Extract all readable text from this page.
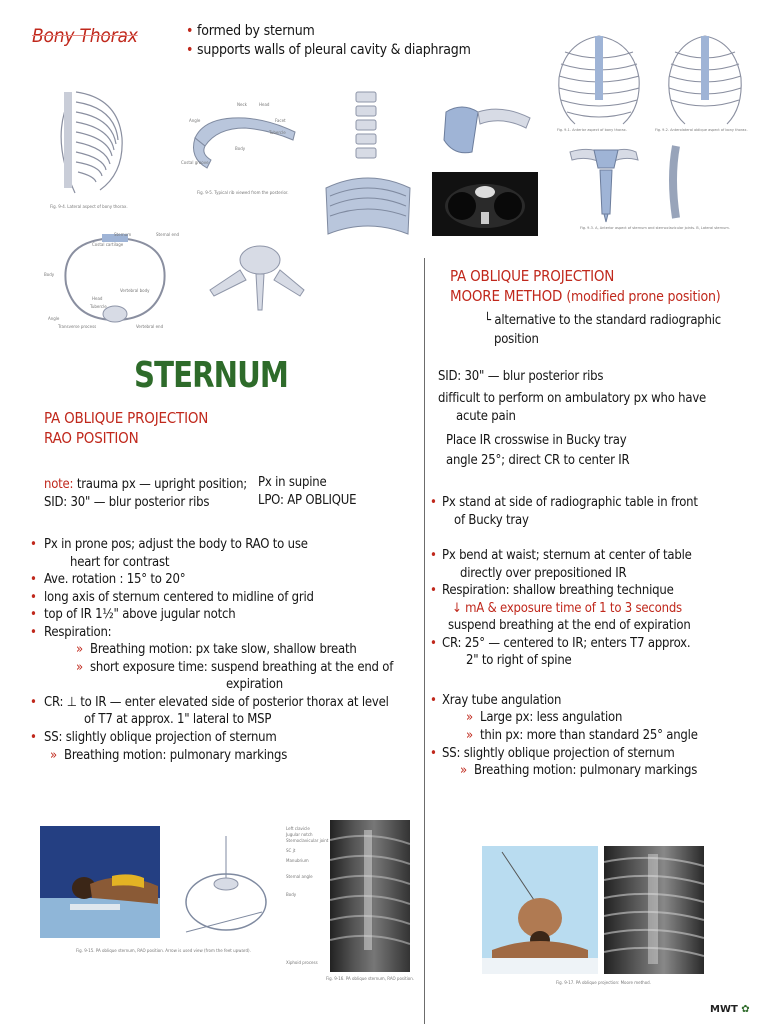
Bony Thorax	• formed by sternum
• supports walls of pleural cavity & diaphragm
Fig. 9-4. Lateral aspect of bony thorax.
Neck	Head
Angle	Facet
Tubercle
Body
Costal groove
Fig. 9-5. Typical rib viewed from the posterior.
Fig. 9-1. Anterior aspect of bony thorax.	Fig. 9-2. Anterolateral oblique aspect of bony thorax.
Fig. 9-3. A, Anterior aspect of sternum and sternoclavicular joints. B, Lateral sternum.
Sternum
Costal cartilage
Body
Vertebral body
Head
Tubercle
Angle
Transverse process
Sternal end
Vertebral end
STERNUM
PA OBLIQUE PROJECTION
RAO POSITION
note: trauma px — upright position; Px in supine
LPO: AP OBLIQUE
SID: 30" — blur posterior ribs
• Px in prone pos; adjust the body to RAO to use
heart for contrast
• Ave. rotation : 15° to 20°
• long axis of sternum centered to midline of grid
• top of IR 1½" above jugular notch
• Respiration:
» Breathing motion: px take slow, shallow breath
» short exposure time: suspend breathing at the end of
expiration
• CR: ⊥ to IR — enter elevated side of posterior thorax at level
of T7 at approx. 1" lateral to MSP
• SS: slightly oblique projection of sternum
» Breathing motion: pulmonary markings
Fig. 9-15. PA oblique sternum, RAO position. Arrow is used view (from the feet upward).
Left clavicle
Jugular notch
Sternoclavicular joint
SC jt
Manubrium
Sternal angle
Body
Xiphoid process
Fig. 9-16. PA oblique sternum, RAO position.
PA OBLIQUE PROJECTION
MOORE METHOD (modified prone position)
└ alternative to the standard radiographic
position
SID: 30" — blur posterior ribs
difficult to perform on ambulatory px who have
acute pain
Place IR crosswise in Bucky tray
angle 25°; direct CR to center IR
• Px stand at side of radiographic table in front
of Bucky tray
• Px bend at waist; sternum at center of table
directly over prepositioned IR
• Respiration: shallow breathing technique
↓ mA & exposure time of 1 to 3 seconds
suspend breathing at the end of expiration
• CR: 25° — centered to IR; enters T7 approx.
2" to right of spine
• Xray tube angulation
» Large px: less angulation
» thin px: more than standard 25° angle
• SS: slightly oblique projection of sternum
» Breathing motion: pulmonary markings
Fig. 9-17. PA oblique projection: Moore method.
MWT ✿
